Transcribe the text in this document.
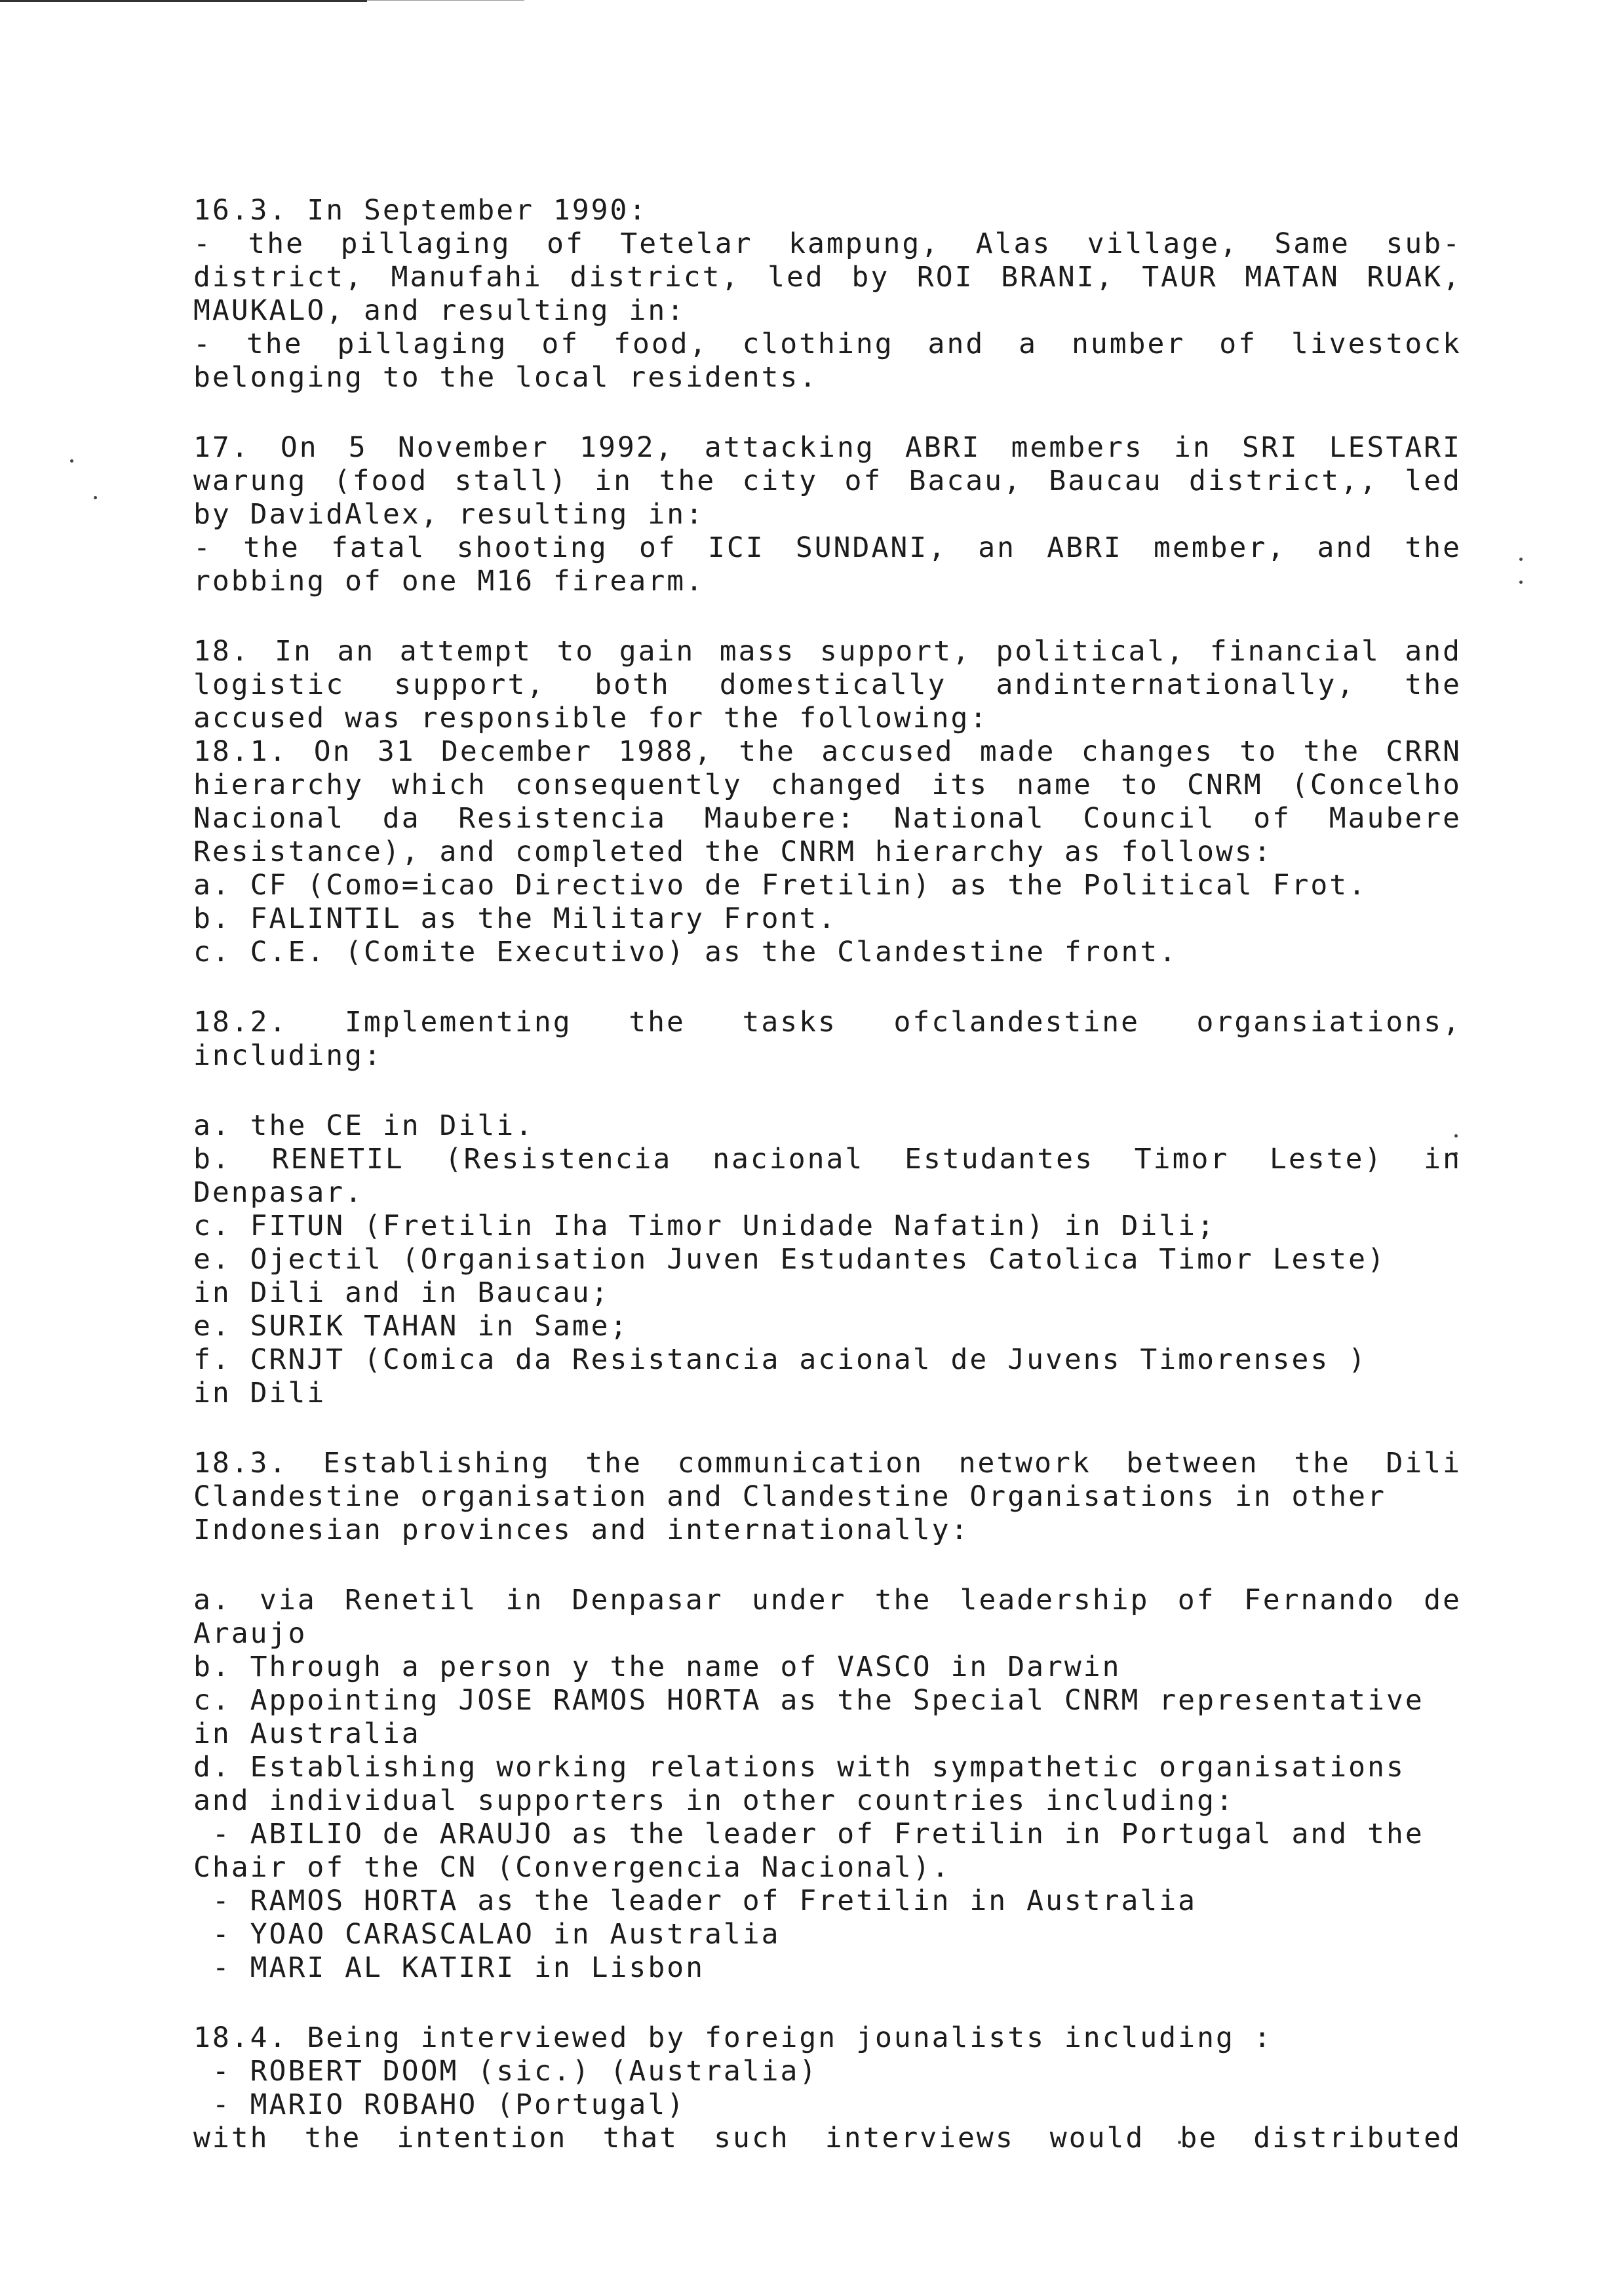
16.3. In September 1990:
- the pillaging of Tetelar kampung, Alas village, Same sub-
district, Manufahi district, led by ROI BRANI, TAUR MATAN RUAK,
MAUKALO, and resulting in:
- the pillaging of food, clothing and a number of livestock
belonging to the local residents.
17. On 5 November 1992, attacking ABRI members in SRI LESTARI
warung (food stall) in the city of Bacau, Baucau district,, led
by DavidAlex, resulting in:
- the fatal shooting of ICI SUNDANI, an ABRI member, and the
robbing of one M16 firearm.
18. In an attempt to gain mass support, political, financial and
logistic support, both domestically andinternationally, the
accused was responsible for the following:
18.1. On 31 December 1988, the accused made changes to the CRRN
hierarchy which consequently changed its name to CNRM (Concelho
Nacional da Resistencia Maubere: National Council of Maubere
Resistance), and completed the CNRM hierarchy as follows:
a. CF (Como=icao Directivo de Fretilin) as the Political Frot.
b. FALINTIL as the Military Front.
c. C.E. (Comite Executivo) as the Clandestine front.
18.2. Implementing the tasks ofclandestine organsiations,
including:
a. the CE in Dili.
b. RENETIL (Resistencia nacional Estudantes Timor Leste) in
Denpasar.
c. FITUN (Fretilin Iha Timor Unidade Nafatin) in Dili;
e. Ojectil (Organisation Juven Estudantes Catolica Timor Leste)
in Dili and in Baucau;
e. SURIK TAHAN in Same;
f. CRNJT (Comica da Resistancia acional de Juvens Timorenses )
in Dili
18.3. Establishing the communication network between the Dili
Clandestine organisation and Clandestine Organisations in other
Indonesian provinces and internationally:
a. via Renetil in Denpasar under the leadership of Fernando de
Araujo
b. Through a person y the name of VASCO in Darwin
c. Appointing JOSE RAMOS HORTA as the Special CNRM representative
in Australia
d. Establishing working relations with sympathetic organisations
and individual supporters in other countries including:
- ABILIO de ARAUJO as the leader of Fretilin in Portugal and the
Chair of the CN (Convergencia Nacional).
- RAMOS HORTA as the leader of Fretilin in Australia
- YOAO CARASCALAO in Australia
- MARI AL KATIRI in Lisbon
18.4. Being interviewed by foreign jounalists including :
- ROBERT DOOM (sic.) (Australia)
- MARIO ROBAHO (Portugal)
with the intention that such interviews would be distributed
